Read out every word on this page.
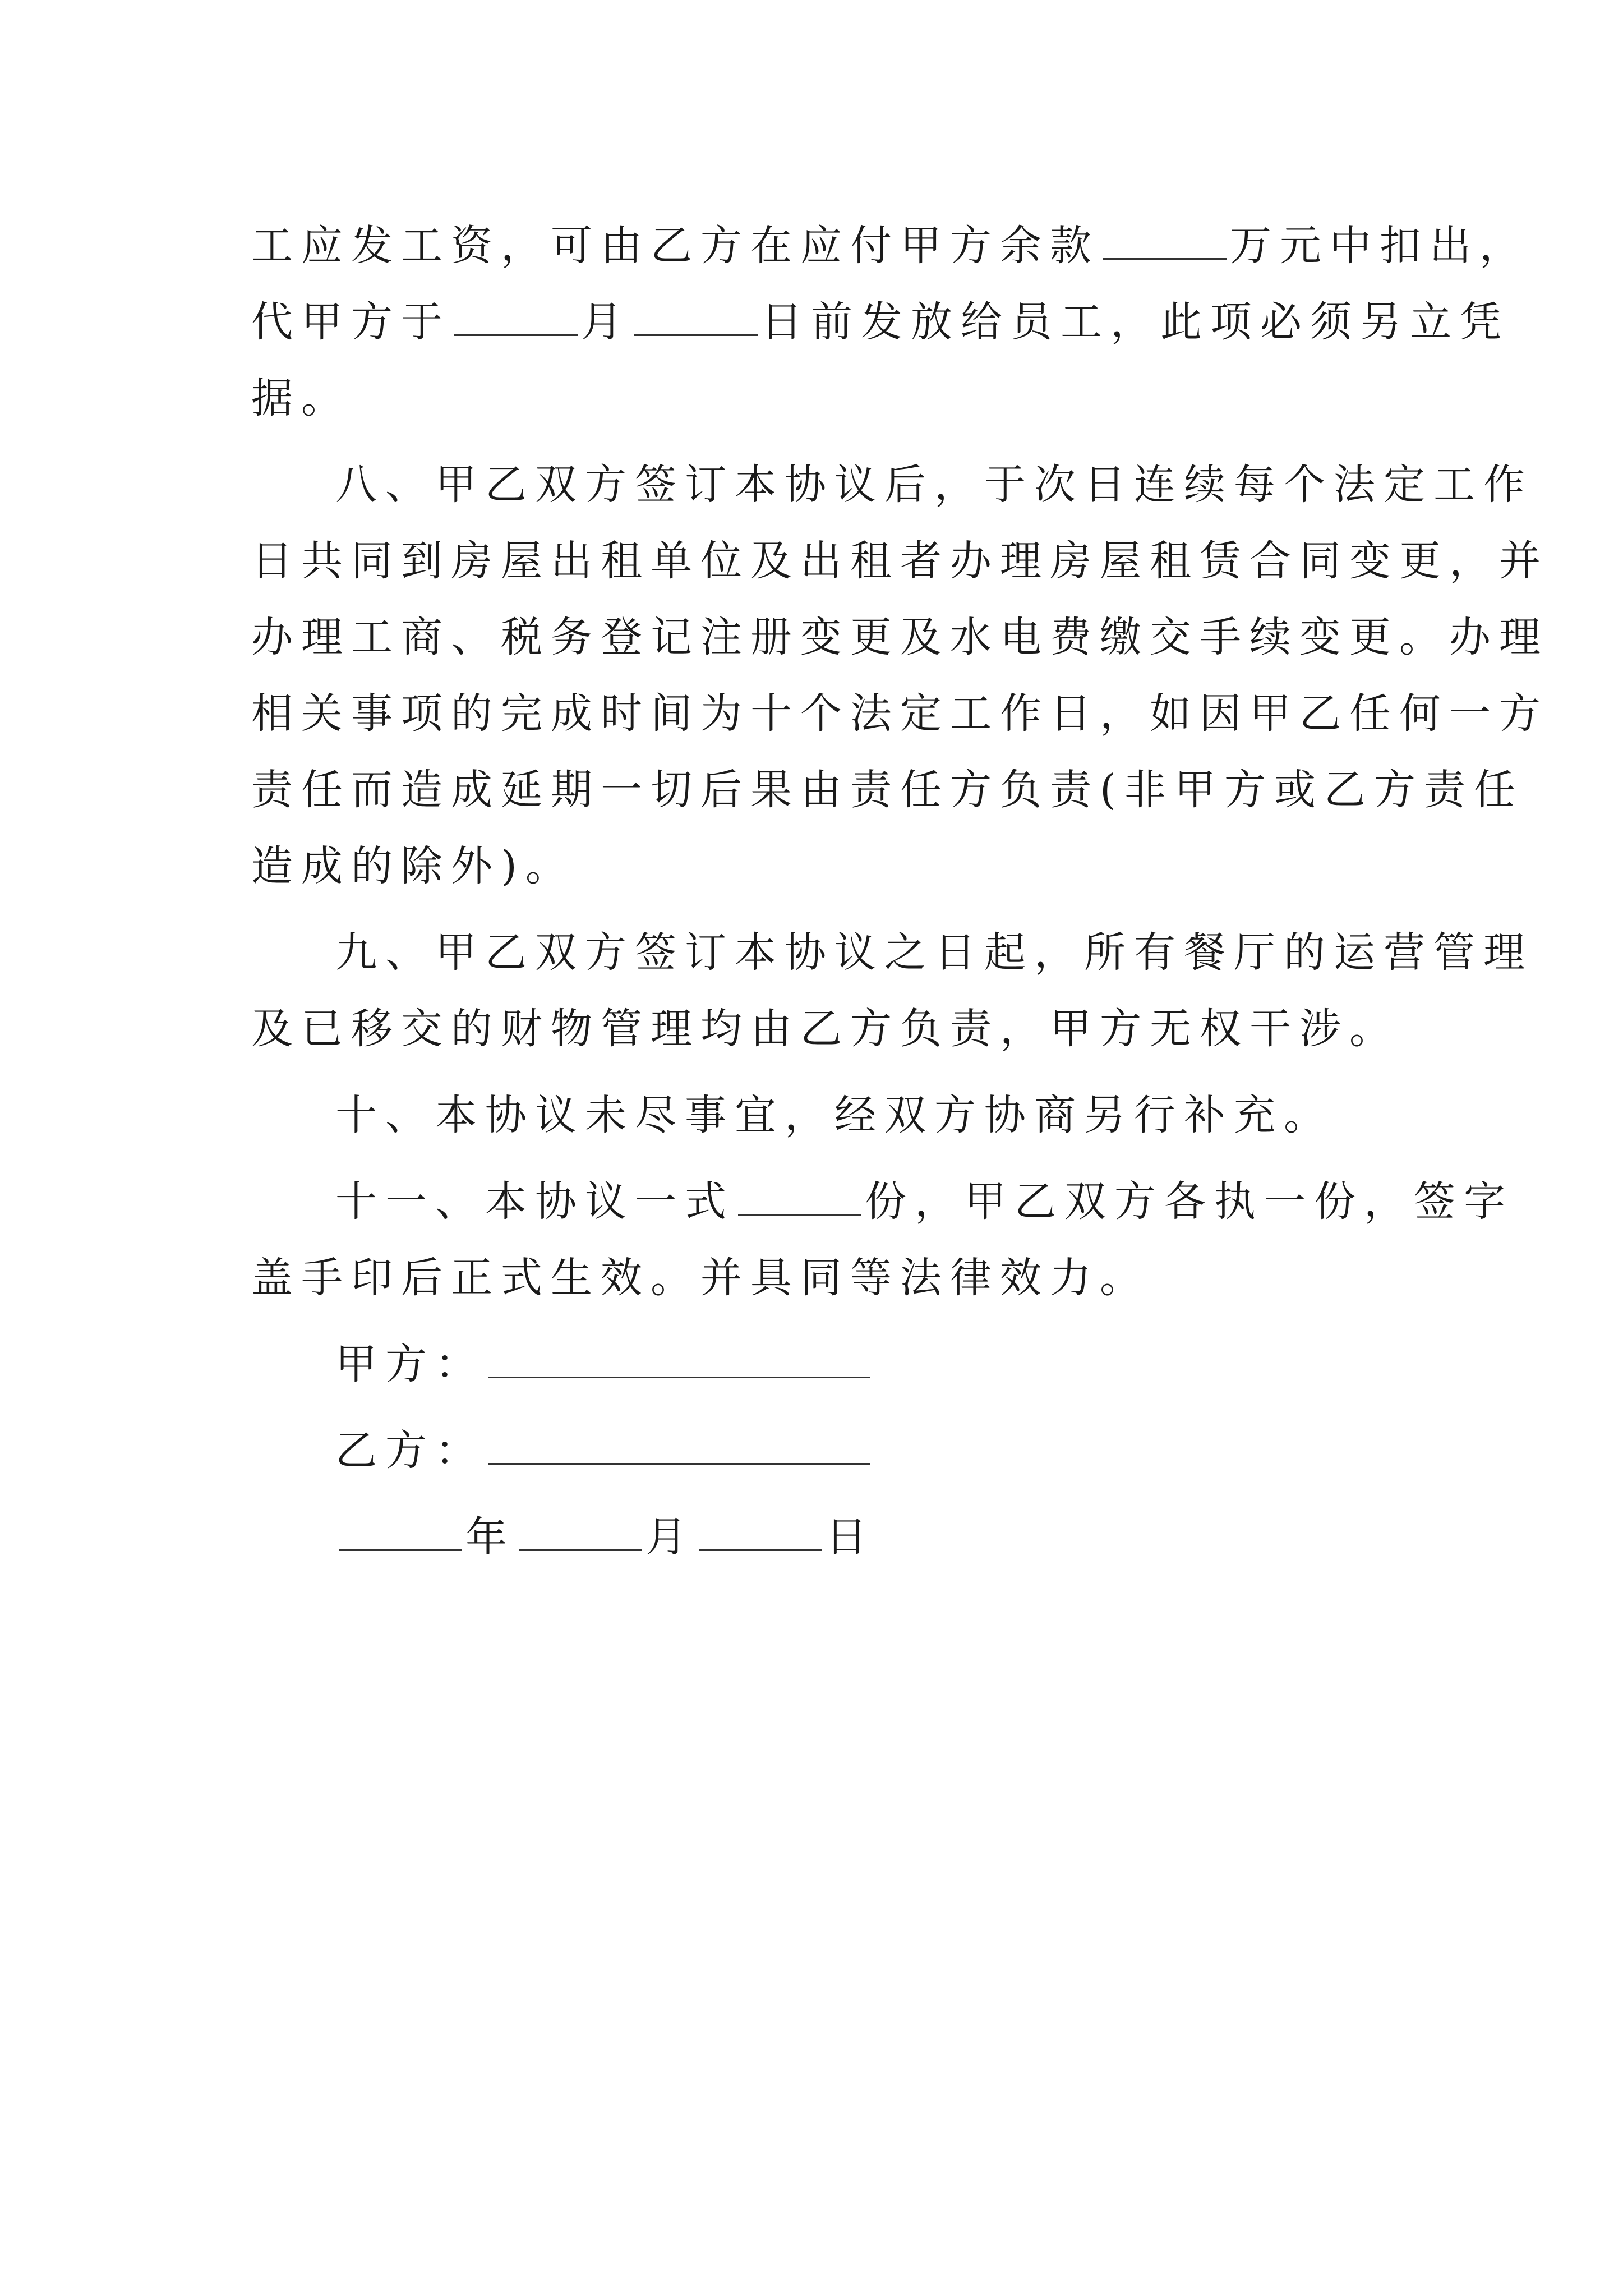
工应发工资，可由乙方在应付甲方余款	万元中扣出，
代甲方于	月	日前发放给员工，此项必须另立凭
据。
八、甲乙双方签订本协议后，于次日连续每个法定工作
日共同到房屋出租单位及出租者办理房屋租赁合同变更，并
办理工商、税务登记注册变更及水电费缴交手续变更。办理
相关事项的完成时间为十个法定工作日，如因甲乙任何一方
责任而造成延期一切后果由责任方负责(非甲方或乙方责任
造成的除外)。
九、甲乙双方签订本协议之日起，所有餐厅的运营管理
及已移交的财物管理均由乙方负责，甲方无权干涉。
十、本协议未尽事宜，经双方协商另行补充。
十一、本协议一式	份，甲乙双方各执一份，签字
盖手印后正式生效。并具同等法律效力。
甲方：
乙方：
年	月	日
